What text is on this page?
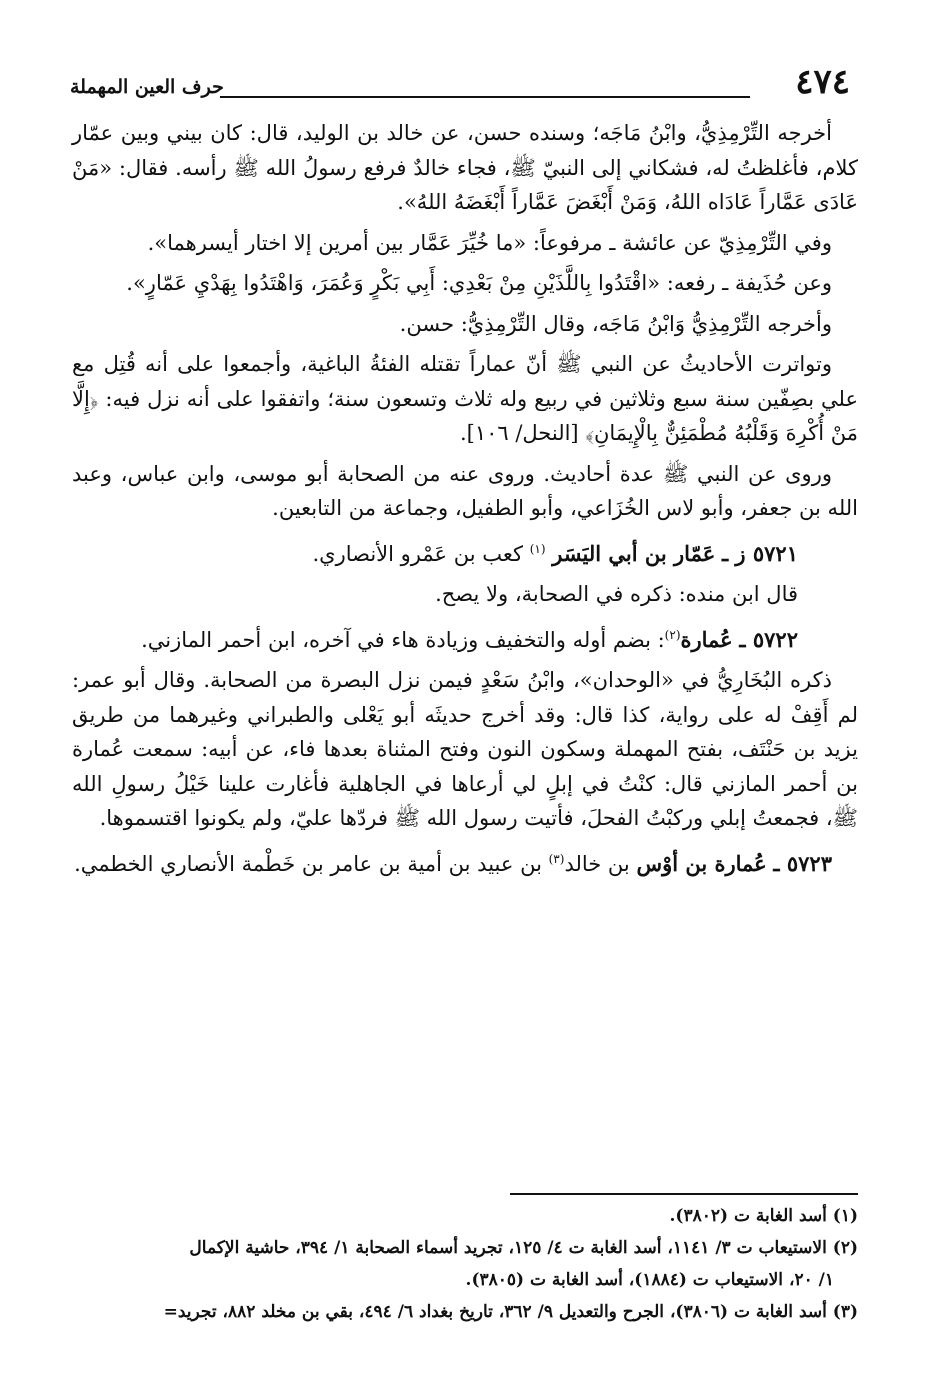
٤٧٤
حرف العين المهملة

أخرجه التِّرْمِذِيُّ، وابْنُ مَاجَه؛ وسنده حسن، عن خالد بن الوليد، قال: كان بيني وبين عمّار كلام، فأغلظتُ له، فشكاني إلى النبيّ ﷺ، فجاء خالدٌ فرفع رسولُ الله ﷺ رأسه. فقال: «مَنْ عَادَى عَمَّاراً عَادَاه اللهُ، وَمَنْ أَبْغَضَ عَمَّاراً أَبْغَضَهُ اللهُ».

وفي التِّرْمِذِيّ عن عائشة ـ مرفوعاً: «ما خُيِّرَ عَمَّار بين أمرين إلا اختار أيسرهما».

وعن حُذَيفة ـ رفعه: «اقْتَدُوا بِاللَّذَيْنِ مِنْ بَعْدِي: أَبِي بَكْرٍ وَعُمَرَ، وَاهْتَدُوا بِهَدْيِ عَمّارٍ».

وأخرجه التِّرْمِذِيُّ وَابْنُ مَاجَه، وقال التِّرْمِذِيُّ: حسن.

وتواترت الأحاديثُ عن النبي ﷺ أنّ عماراً تقتله الفئةُ الباغية، وأجمعوا على أنه قُتِل مع علي بصِفّين سنة سبع وثلاثين في ربيع وله ثلاث وتسعون سنة؛ واتفقوا على أنه نزل فيه: ﴿إِلَّا مَنْ أُكْرِهَ وَقَلْبُهُ مُطْمَئِنٌّ بِالْإِيمَانِ﴾ [النحل/ ١٠٦].

وروى عن النبي ﷺ عدة أحاديث. وروى عنه من الصحابة أبو موسى، وابن عباس، وعبد الله بن جعفر، وأبو لاس الخُزَاعي، وأبو الطفيل، وجماعة من التابعين.

٥٧٢١ ز ـ عَمّار بن أبي اليَسَر $^{(١)}$ كعب بن عَمْرو الأنصاري.

قال ابن منده: ذكره في الصحابة، ولا يصح.

٥٧٢٢ ـ عُمارة$^{(٢)}$: بضم أوله والتخفيف وزيادة هاء في آخره، ابن أحمر المازني.

ذكره البُخَارِيُّ في «الوحدان»، وابْنُ سَعْدٍ فيمن نزل البصرة من الصحابة. وقال أبو عمر: لم أَقِفْ له على رواية، كذا قال: وقد أخرج حديثَه أبو يَعْلى والطبراني وغيرهما من طريق يزيد بن حَنْتَف، بفتح المهملة وسكون النون وفتح المثناة بعدها فاء، عن أبيه: سمعت عُمارة بن أحمر المازني قال: كنْتُ في إبلٍ لي أرعاها في الجاهلية فأغارت علينا خَيْلُ رسولِ الله ﷺ، فجمعتُ إبلي وركبْتُ الفحلَ، فأتيت رسول الله ﷺ فردّها عليّ، ولم يكونوا اقتسموها.

٥٧٢٣ ـ عُمارة بن أوْس بن خالد$^{(٣)}$ بن عبيد بن أمية بن عامر بن خَطْمة الأنصاري الخطمي.

(١) أسد الغابة ت (٣٨٠٢).

(٢) الاستيعاب ت ٣/ ١١٤١، أسد الغابة ت ٤/ ١٢٥، تجريد أسماء الصحابة ١/ ٣٩٤، حاشية الإكمال

١/ ٢٠، الاستيعاب ت (١٨٨٤)، أسد الغابة ت (٣٨٠٥).

(٣) أسد الغابة ت (٣٨٠٦)، الجرح والتعديل ٩/ ٣٦٢، تاريخ بغداد ٦/ ٤٩٤، بقي بن مخلد ٨٨٢، تجريد=
